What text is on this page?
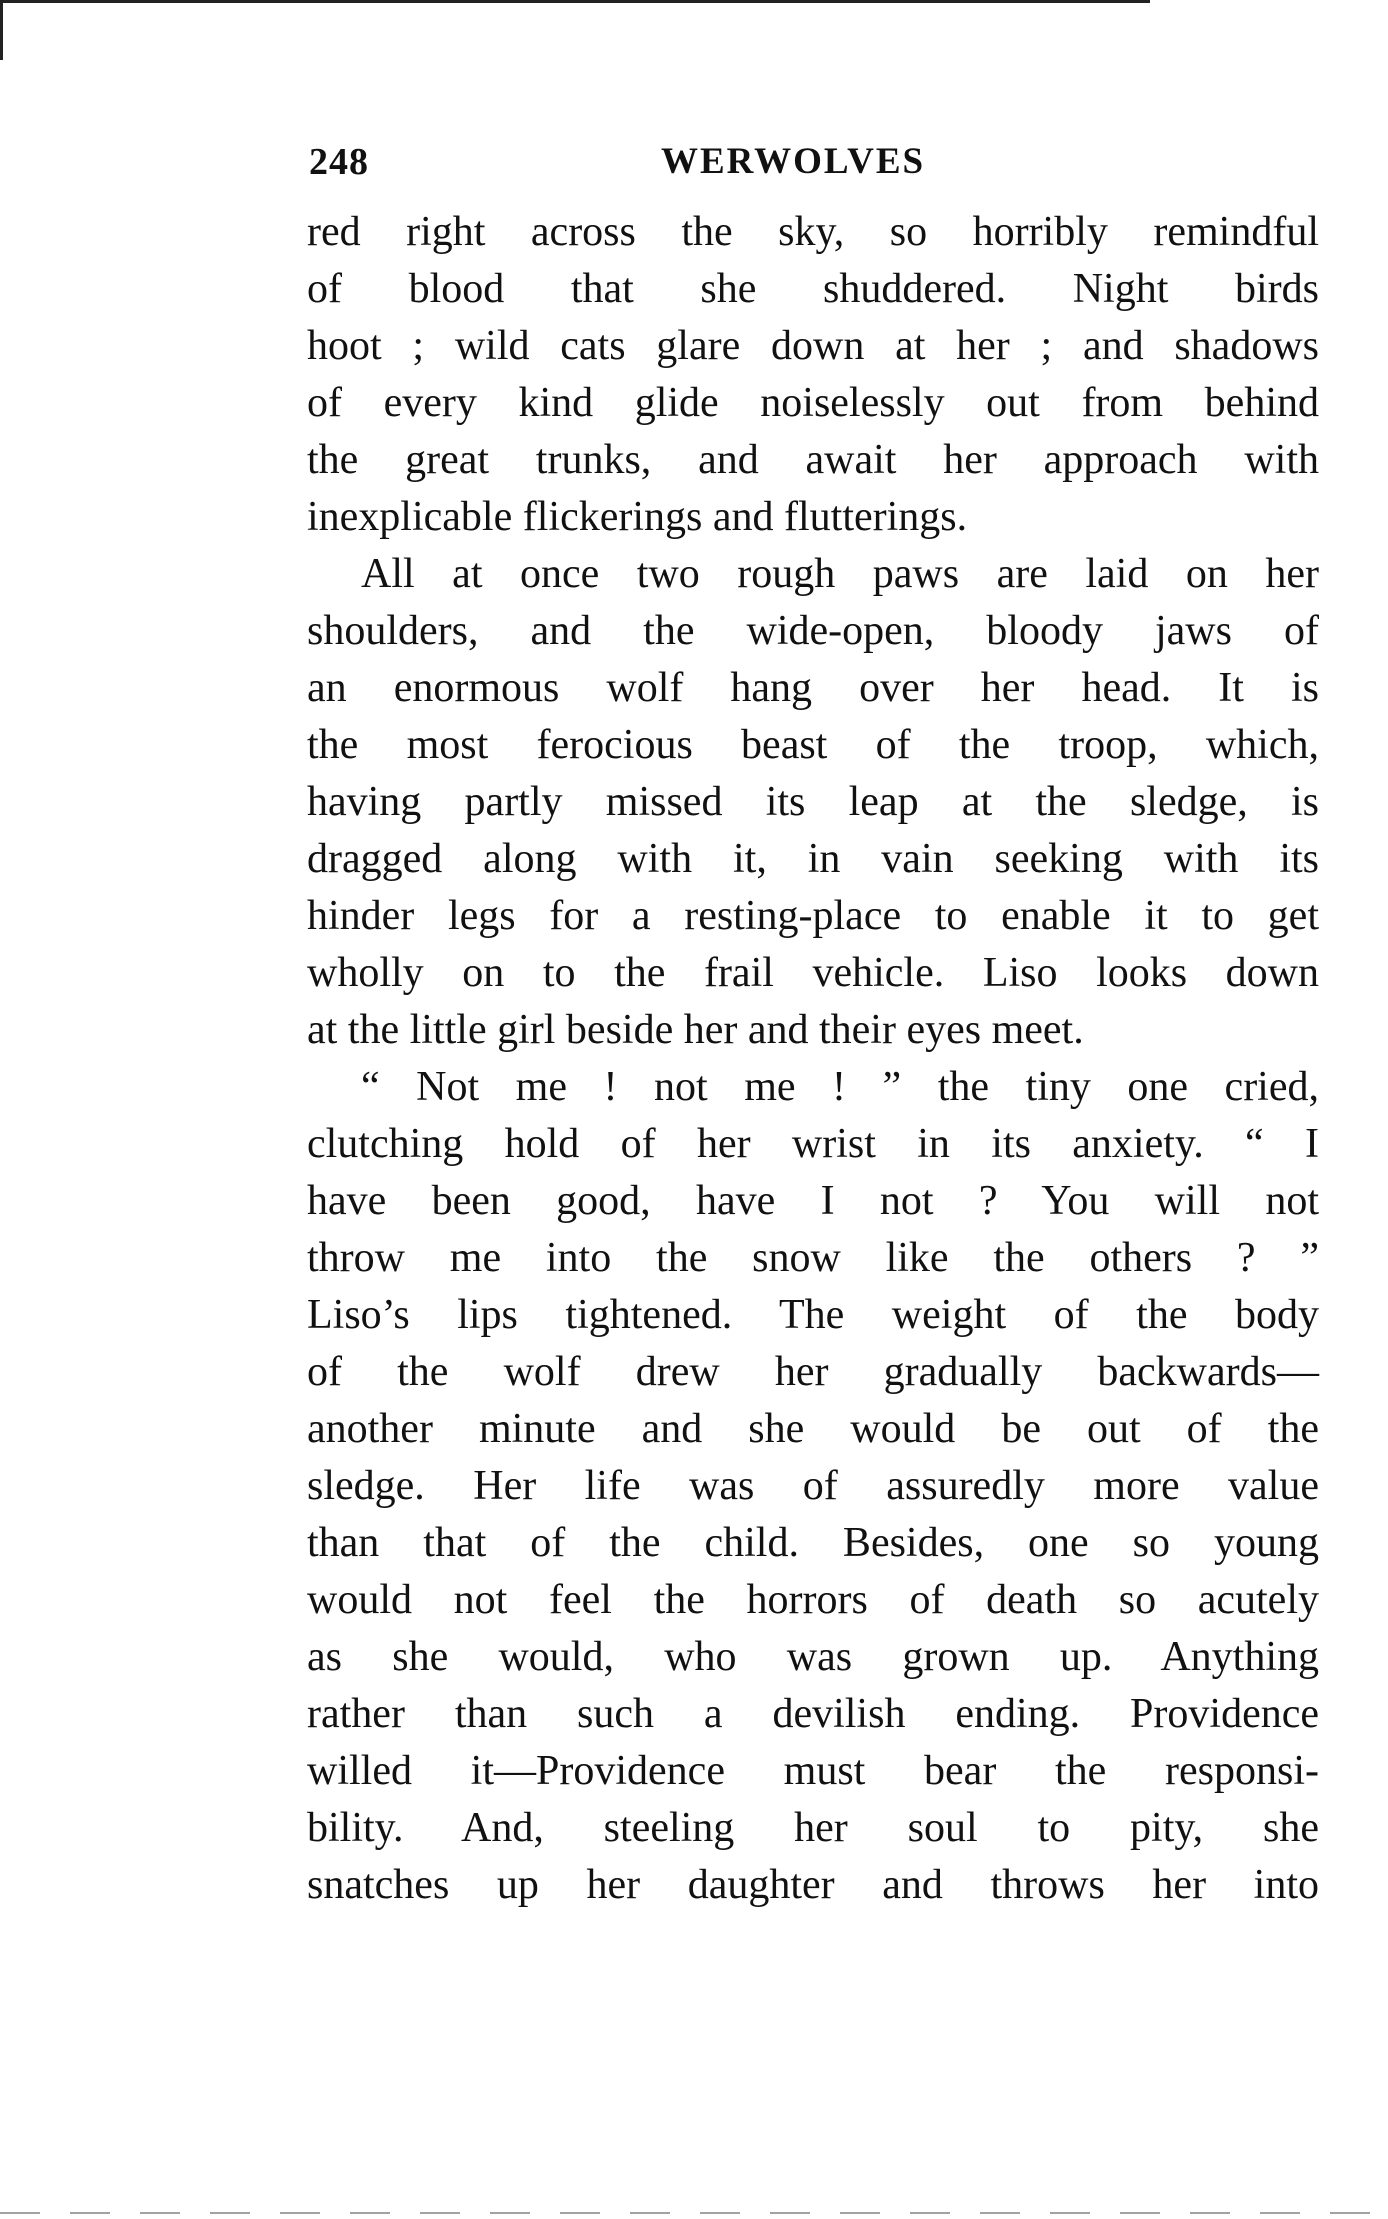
248	WERWOLVES

red right across the sky, so horribly remindful
of blood that she shuddered. Night birds
hoot ; wild cats glare down at her ; and shadows
of every kind glide noiselessly out from behind
the great trunks, and await her approach with
inexplicable flickerings and flutterings.

All at once two rough paws are laid on her
shoulders, and the wide-open, bloody jaws of
an enormous wolf hang over her head. It is
the most ferocious beast of the troop, which,
having partly missed its leap at the sledge, is
dragged along with it, in vain seeking with its
hinder legs for a resting-place to enable it to get
wholly on to the frail vehicle. Liso looks down
at the little girl beside her and their eyes meet.

“ Not me ! not me ! ” the tiny one cried,
clutching hold of her wrist in its anxiety. “ I
have been good, have I not ? You will not
throw me into the snow like the others ? ”
Liso’s lips tightened. The weight of the body
of the wolf drew her gradually backwards—
another minute and she would be out of the
sledge. Her life was of assuredly more value
than that of the child. Besides, one so young
would not feel the horrors of death so acutely
as she would, who was grown up. Anything
rather than such a devilish ending. Providence
willed it—Providence must bear the responsi-
bility. And, steeling her soul to pity, she
snatches up her daughter and throws her into
